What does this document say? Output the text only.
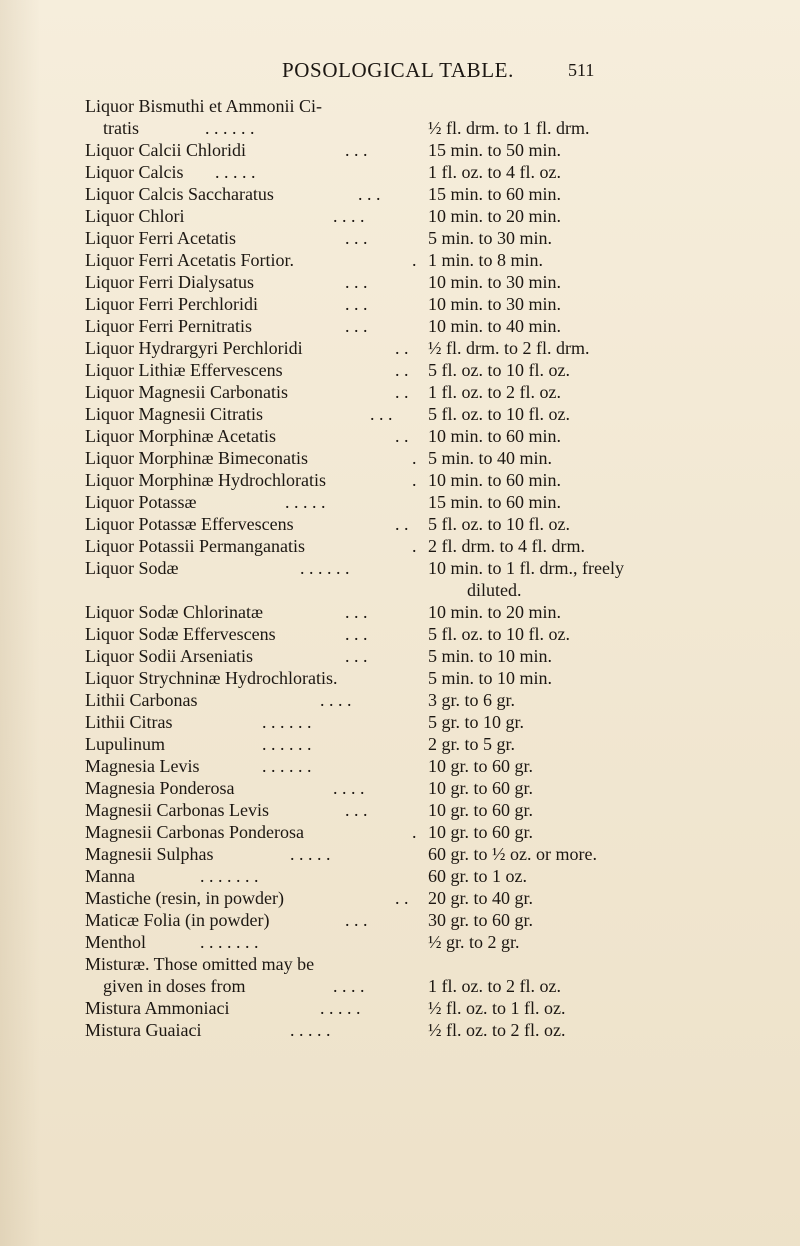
POSOLOGICAL TABLE.	511
Liquor Bismuthi et Ammonii Ci-
tratis	. . . . . .	½ fl. drm. to 1 fl. drm.
Liquor Calcii Chloridi	. . .	15 min. to 50 min.
Liquor Calcis . . . . .	1 fl. oz. to 4 fl. oz.
Liquor Calcis Saccharatus	. . .	15 min. to 60 min.
Liquor Chlori	. . . .	10 min. to 20 min.
Liquor Ferri Acetatis	. . .	5 min. to 30 min.
Liquor Ferri Acetatis Fortior.	. 1 min. to 8 min.
Liquor Ferri Dialysatus	. . .	10 min. to 30 min.
Liquor Ferri Perchloridi	. . .	10 min. to 30 min.
Liquor Ferri Pernitratis	. . .	10 min. to 40 min.
Liquor Hydrargyri Perchloridi	. . ½ fl. drm. to 2 fl. drm.
Liquor Lithiæ Effervescens	. . 5 fl. oz. to 10 fl. oz.
Liquor Magnesii Carbonatis	. . 1 fl. oz. to 2 fl. oz.
Liquor Magnesii Citratis	. . . 5 fl. oz. to 10 fl. oz.
Liquor Morphinæ Acetatis	. . 10 min. to 60 min.
Liquor Morphinæ Bimeconatis	. 5 min. to 40 min.
Liquor Morphinæ Hydrochloratis	. 10 min. to 60 min.
Liquor Potassæ	. . . . .	15 min. to 60 min.
Liquor Potassæ Effervescens	. . 5 fl. oz. to 10 fl. oz.
Liquor Potassii Permanganatis	. 2 fl. drm. to 4 fl. drm.
Liquor Sodæ	. . . . . .	10 min. to 1 fl. drm., freely
diluted.
Liquor Sodæ Chlorinatæ	. . .	10 min. to 20 min.
Liquor Sodæ Effervescens	. . .	5 fl. oz. to 10 fl. oz.
Liquor Sodii Arseniatis	. . .	5 min. to 10 min.
Liquor Strychninæ Hydrochloratis.	5 min. to 10 min.
Lithii Carbonas	. . . .	3 gr. to 6 gr.
Lithii Citras	. . . . . .	5 gr. to 10 gr.
Lupulinum	. . . . . .	2 gr. to 5 gr.
Magnesia Levis	. . . . . .	10 gr. to 60 gr.
Magnesia Ponderosa	. . . .	10 gr. to 60 gr.
Magnesii Carbonas Levis	. . .	10 gr. to 60 gr.
Magnesii Carbonas Ponderosa	. 10 gr. to 60 gr.
Magnesii Sulphas	. . . . .	60 gr. to ½ oz. or more.
Manna	. . . . . . .	60 gr. to 1 oz.
Mastiche (resin, in powder)	. . 20 gr. to 40 gr.
Maticæ Folia (in powder)	. . .	30 gr. to 60 gr.
Menthol	. . . . . . .	½ gr. to 2 gr.
Misturæ. Those omitted may be
given in doses from	. . . .	1 fl. oz. to 2 fl. oz.
Mistura Ammoniaci	. . . . .	½ fl. oz. to 1 fl. oz.
Mistura Guaiaci	. . . . .	½ fl. oz. to 2 fl. oz.
